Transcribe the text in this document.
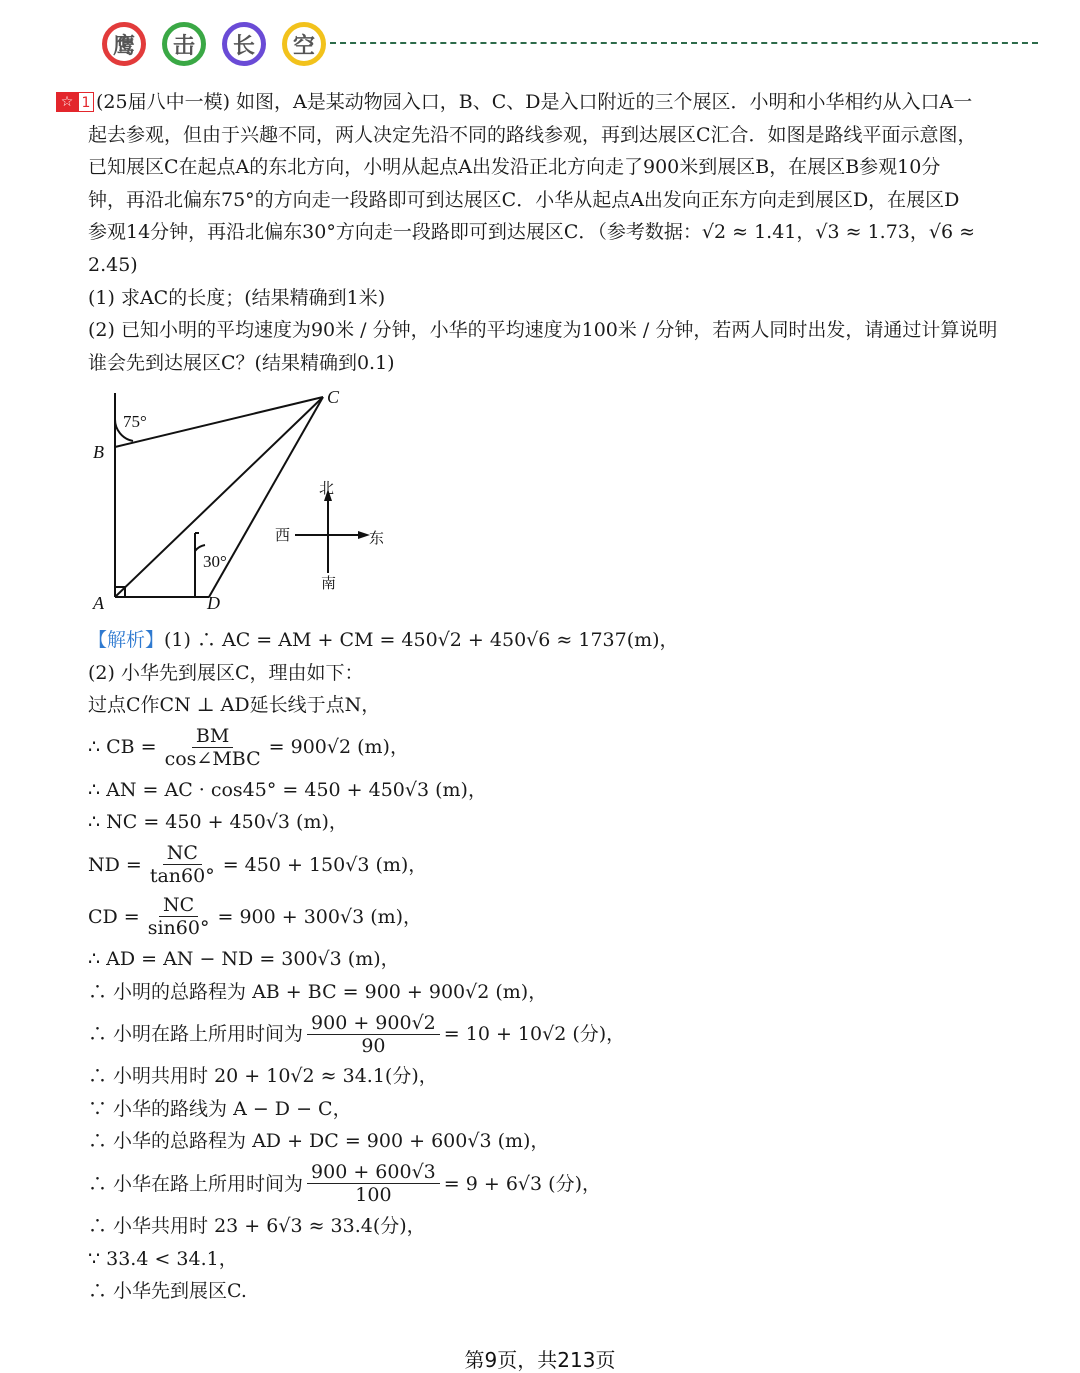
鹰	击	长	空
☆ 1 (25届八中一模) 如图，A是某动物园入口，B、C、D是入口附近的三个展区．小明和小华相约从入口A一

起去参观，但由于兴趣不同，两人决定先沿不同的路线参观，再到达展区C汇合．如图是路线平面示意图，

已知展区C在起点A的东北方向，小明从起点A出发沿正北方向走了900米到展区B，在展区B参观10分

钟，再沿北偏东75°的方向走一段路即可到达展区C．小华从起点A出发向正东方向走到展区D，在展区D

参观14分钟，再沿北偏东30°方向走一段路即可到达展区C．（参考数据：√2 ≈ 1.41，√3 ≈ 1.73，√6 ≈

2.45)

(1) 求AC的长度；(结果精确到1米)

(2) 已知小明的平均速度为90米 / 分钟，小华的平均速度为100米 / 分钟，若两人同时出发，请通过计算说明

谁会先到达展区C？(结果精确到0.1)

C
B
A	D
75°
30°
北
南
西	东
【解析】(1) ∴ AC = AM + CM = 450√2 + 450√6 ≈ 1737(m)，
(2) 小华先到展区C，理由如下：
过点C作CN ⊥ AD延长线于点N，
∴ CB = $\frac{BM}{\text{cos∠MBC}} = 900√2$ (m)，
∴ AN = AC · cos45° = 450 + 450√3 (m)，
∴ NC = 450 + 450√3 (m)，
ND = $\frac{NC}{\tan 60^\circ} = 450 + 150√3$ (m)，
CD = $\frac{NC}{\sin 60^\circ} = 900 + 300√3$ (m)，
∴ AD = AN − ND = 300√3 (m)，
∴ 小明的总路程为 AB + BC = 900 + 900√2 (m)，
∴ 小明在路上所用时间为 $\frac{900 + 900√2}{90} = 10 + 10√2$ (分)，
∴ 小明共用时 20 + 10√2 ≈ 34.1(分)，
∵ 小华的路线为 A − D − C，
∴ 小华的总路程为 AD + DC = 900 + 600√3 (m)，
∴ 小华在路上所用时间为 $\frac{900 + 600√3}{100} = 9 + 6√3$ (分)，
∴ 小华共用时 23 + 6√3 ≈ 33.4(分)，
∵ 33.4 < 34.1，
∴ 小华先到展区C.
第9页，共213页
